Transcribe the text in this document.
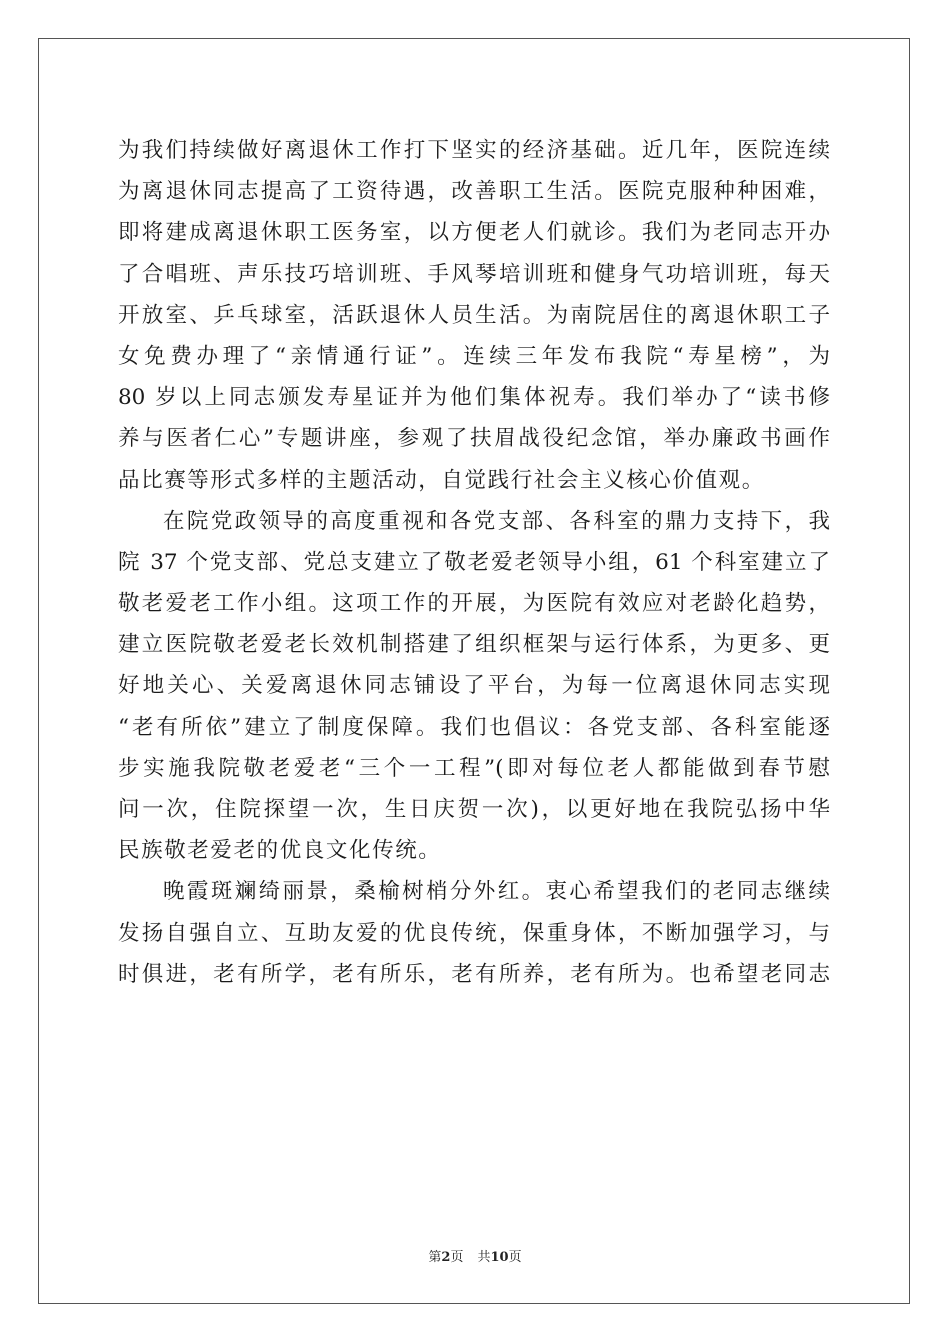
为我们持续做好离退休工作打下坚实的经济基础。近几年，医院连续
为离退休同志提高了工资待遇，改善职工生活。医院克服种种困难，
即将建成离退休职工医务室，以方便老人们就诊。我们为老同志开办
了合唱班、声乐技巧培训班、手风琴培训班和健身气功培训班，每天
开放室、乒乓球室，活跃退休人员生活。为南院居住的离退休职工子
女免费办理了“亲情通行证”。连续三年发布我院“寿星榜”，为
80 岁以上同志颁发寿星证并为他们集体祝寿。我们举办了“读书修
养与医者仁心”专题讲座，参观了扶眉战役纪念馆，举办廉政书画作
品比赛等形式多样的主题活动，自觉践行社会主义核心价值观。
在院党政领导的高度重视和各党支部、各科室的鼎力支持下，我
院 37 个党支部、党总支建立了敬老爱老领导小组，61 个科室建立了
敬老爱老工作小组。这项工作的开展，为医院有效应对老龄化趋势，
建立医院敬老爱老长效机制搭建了组织框架与运行体系，为更多、更
好地关心、关爱离退休同志铺设了平台，为每一位离退休同志实现
“老有所依”建立了制度保障。我们也倡议：各党支部、各科室能逐
步实施我院敬老爱老“三个一工程”(即对每位老人都能做到春节慰
问一次，住院探望一次，生日庆贺一次)，以更好地在我院弘扬中华
民族敬老爱老的优良文化传统。
晚霞斑斓绮丽景，桑榆树梢分外红。衷心希望我们的老同志继续
发扬自强自立、互助友爱的优良传统，保重身体，不断加强学习，与
时俱进，老有所学，老有所乐，老有所养，老有所为。也希望老同志
第2页 共10页
